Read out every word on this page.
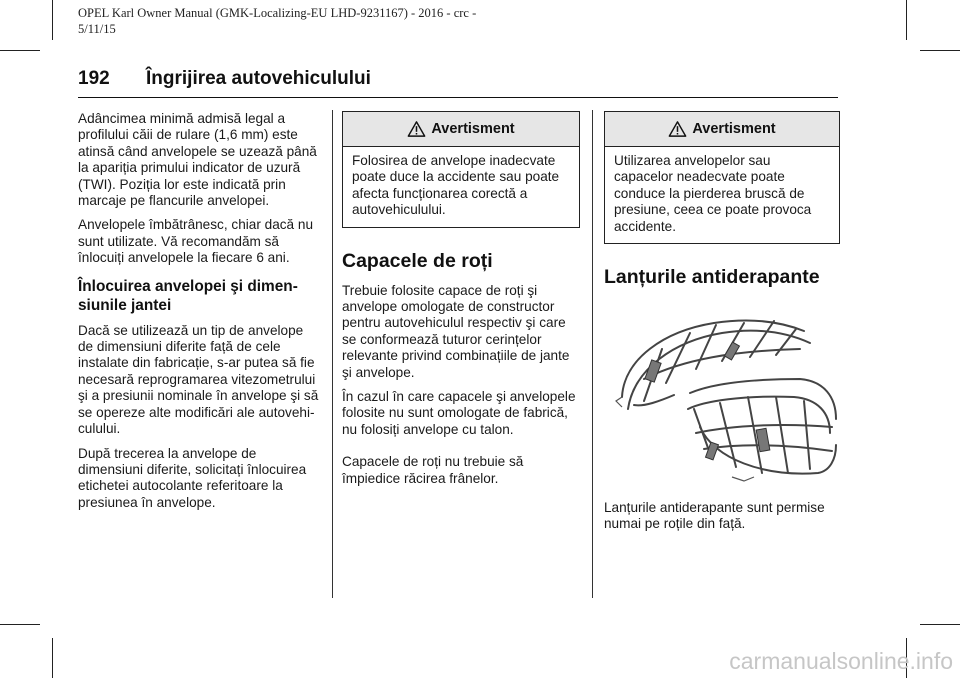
OPEL Karl Owner Manual (GMK-Localizing-EU LHD-9231167) - 2016 - crc -
5/11/15
192 Îngrijirea autovehiculului

Adâncimea minimă admisă legal a profilului căii de rulare (1,6 mm) este atinsă când anvelopele se uzează până la apariția primului indicator de uzură (TWI). Poziția lor este indicată prin marcaje pe flancurile anvelopei.

Anvelopele îmbătrânesc, chiar dacă nu sunt utilizate. Vă recomandăm să înlocuiți anvelopele la fiecare 6 ani.

Înlocuirea anvelopei şi dimensiunile jantei

Dacă se utilizează un tip de anvelope de dimensiuni diferite față de cele instalate din fabricație, s-ar putea să fie necesară reprogramarea vitezometrului şi a presiunii nominale în anvelope şi să se opereze alte modificări ale autovehiculului.

După trecerea la anvelope de dimensiuni diferite, solicitați înlocuirea etichetei autocolante referitoare la presiunea în anvelope.

Avertisment
Folosirea de anvelope inadecvate poate duce la accidente sau poate afecta funcționarea corectă a autovehiculului.
Capacele de roți

Trebuie folosite capace de roți şi anvelope omologate de constructor pentru autovehiculul respectiv şi care se conformează tuturor cerințelor relevante privind combinațiile de jante şi anvelope.

În cazul în care capacele şi anvelopele folosite nu sunt omologate de fabrică, nu folosiți anvelope cu talon.

Capacele de roți nu trebuie să împiedice răcirea frânelor.

Avertisment
Utilizarea anvelopelor sau capacelor neadecvate poate conduce la pierderea bruscă de presiune, ceea ce poate provoca accidente.
Lanțurile antiderapante
Lanțurile antiderapante sunt permise numai pe roțile din față.
carmanualsonline.info
